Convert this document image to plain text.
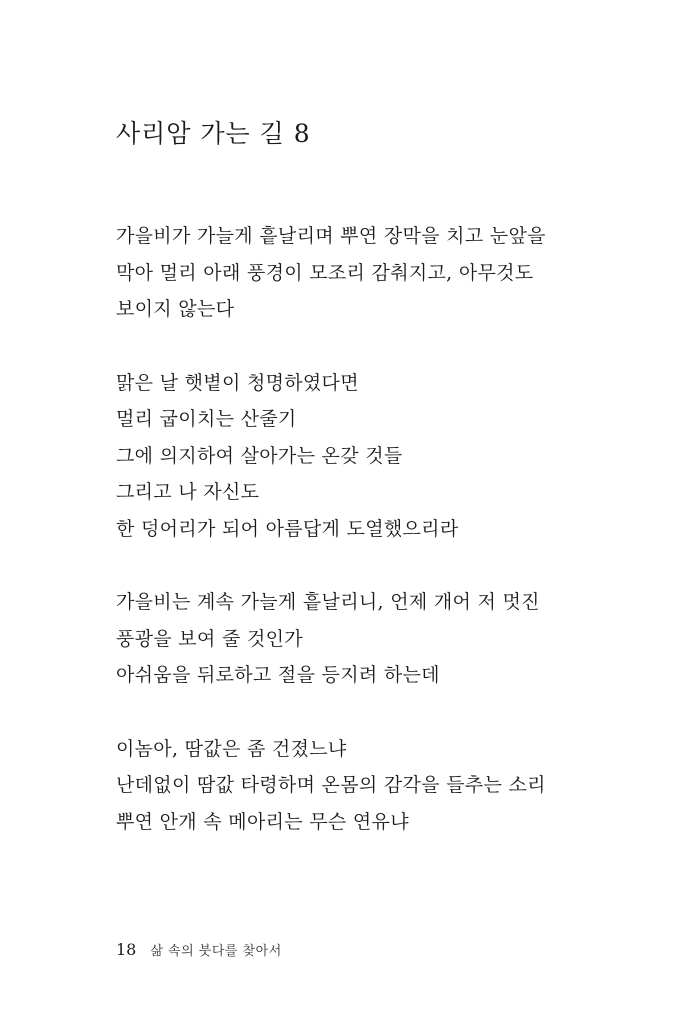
사리암 가는 길 8
가을비가 가늘게 흩날리며 뿌연 장막을 치고 눈앞을
막아 멀리 아래 풍경이 모조리 감춰지고, 아무것도
보이지 않는다
맑은 날 햇볕이 청명하였다면
멀리 굽이치는 산줄기
그에 의지하여 살아가는 온갖 것들
그리고 나 자신도
한 덩어리가 되어 아름답게 도열했으리라
가을비는 계속 가늘게 흩날리니, 언제 개어 저 멋진
풍광을 보여 줄 것인가
아쉬움을 뒤로하고 절을 등지려 하는데
이놈아, 땀값은 좀 건졌느냐
난데없이 땀값 타령하며 온몸의 감각을 들추는 소리
뿌연 안개 속 메아리는 무슨 연유냐
18 삶 속의 붓다를 찾아서
